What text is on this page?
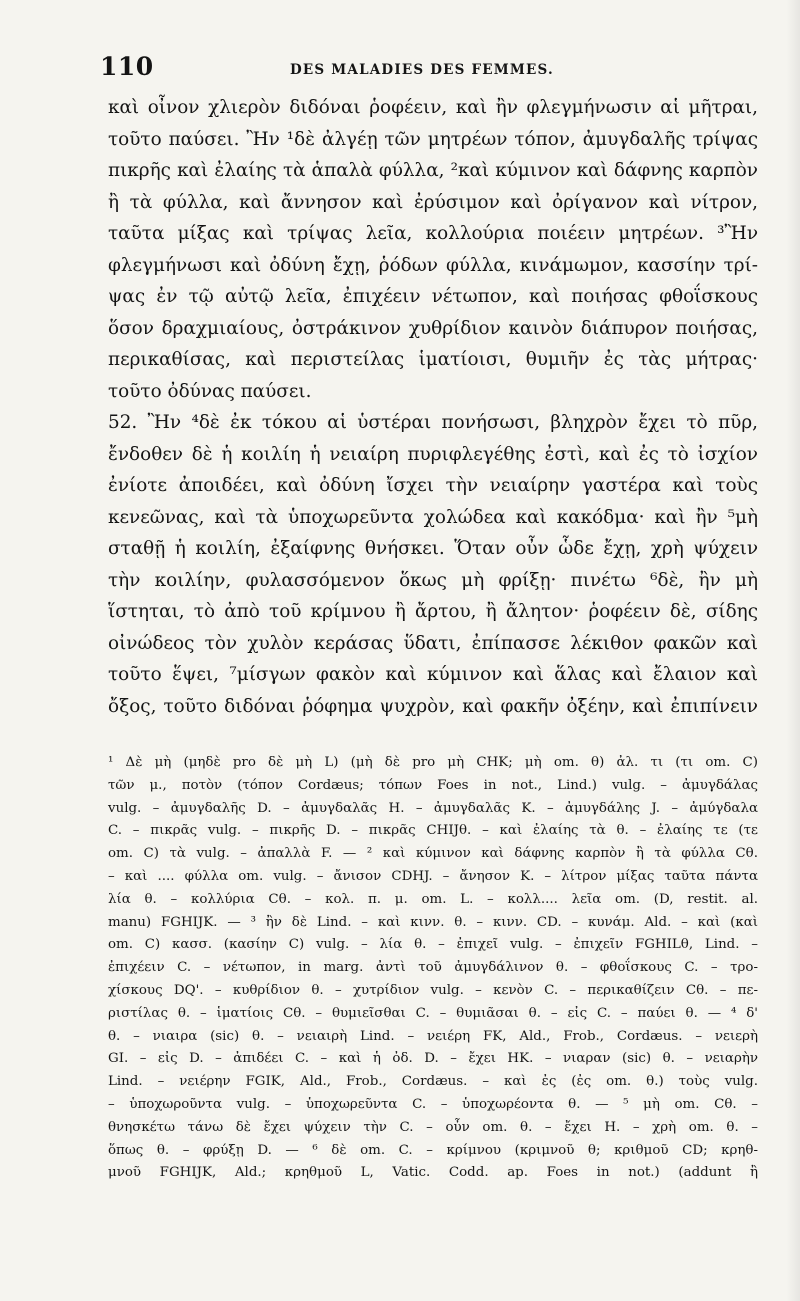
110	DES MALADIES DES FEMMES.
καὶ οἶνον χλιερὸν διδόναι ῥοφέειν, καὶ ἢν φλεγμήνωσιν αἱ μῆτραι,
τοῦτο παύσει. Ἢν ¹δὲ ἀλγέῃ τῶν μητρέων τόπον, ἀμυγδαλῆς τρίψας
πικρῆς καὶ ἐλαίης τὰ ἁπαλὰ φύλλα, ²καὶ κύμινον καὶ δάφνης καρπὸν
ἢ τὰ φύλλα, καὶ ἄννησον καὶ ἐρύσιμον καὶ ὀρίγανον καὶ νίτρον,
ταῦτα μίξας καὶ τρίψας λεῖα, κολλούρια ποιέειν μητρέων. ³Ἢν
φλεγμήνωσι καὶ ὀδύνη ἔχῃ, ῥόδων φύλλα, κινάμωμον, κασσίην τρί-
ψας ἐν τῷ αὐτῷ λεῖα, ἐπιχέειν νέτωπον, καὶ ποιήσας φθοΐσκους
ὅσον δραχμιαίους, ὀστράκινον χυθρίδιον καινὸν διάπυρον ποιήσας,
περικαθίσας, καὶ περιστείλας ἱματίοισι, θυμιῆν ἐς τὰς μήτρας·
τοῦτο ὀδύνας παύσει.
52. Ἢν ⁴δὲ ἐκ τόκου αἱ ὑστέραι πονήσωσι, βληχρὸν ἔχει τὸ πῦρ,
ἔνδοθεν δὲ ἡ κοιλίη ἡ νειαίρη πυριφλεγέθης ἐστὶ, καὶ ἐς τὸ ἰσχίον
ἐνίοτε ἀποιδέει, καὶ ὀδύνη ἴσχει τὴν νειαίρην γαστέρα καὶ τοὺς
κενεῶνας, καὶ τὰ ὑποχωρεῦντα χολώδεα καὶ κακόδμα· καὶ ἢν ⁵μὴ
σταθῇ ἡ κοιλίη, ἐξαίφνης θνήσκει. Ὅταν οὖν ὧδε ἔχῃ, χρὴ ψύχειν
τὴν κοιλίην, φυλασσόμενον ὅκως μὴ φρίξῃ· πινέτω ⁶δὲ, ἢν μὴ
ἵστηται, τὸ ἀπὸ τοῦ κρίμνου ἢ ἄρτου, ἢ ἄλητον· ῥοφέειν δὲ, σίδης
οἰνώδεος τὸν χυλὸν κεράσας ὕδατι, ἐπίπασσε λέκιθον φακῶν καὶ
τοῦτο ἕψει, ⁷μίσγων φακὸν καὶ κύμινον καὶ ἅλας καὶ ἔλαιον καὶ
ὄξος, τοῦτο διδόναι ῥόφημα ψυχρὸν, καὶ φακῆν ὀξέην, καὶ ἐπιπίνειν
¹ Δὲ μὴ (μηδὲ pro δὲ μὴ L) (μὴ δὲ pro μὴ CHK; μὴ om. θ) ἀλ. τι (τι om. C)
τῶν μ., ποτὸν (τόπον Cordæus; τόπων Foes in not., Lind.) vulg. – ἀμυγδάλας
vulg. – ἀμυγδαλῆς D. – ἀμυγδαλᾶς H. – ἀμυγδαλᾶς K. – ἀμυγδάλης J. – ἀμύγδαλα
C. – πικρᾶς vulg. – πικρῆς D. – πικρᾶς CHIJθ. – καὶ ἐλαίης τὰ θ. – ἐλαίης τε (τε
om. C) τὰ vulg. – ἀπαλλὰ F. — ² καὶ κύμινον καὶ δάφνης καρπὸν ἢ τὰ φύλλα Cθ.
– καὶ .... φύλλα om. vulg. – ἄνισον CDHJ. – ἄνησον K. – λίτρον μίξας ταῦτα πάντα
λία θ. – κολλύρια Cθ. – κολ. π. μ. om. L. – κολλ.... λεῖα om. (D, restit. al.
manu) FGHIJK. — ³ ἢν δὲ Lind. – καὶ κινν. θ. – κινν. CD. – κυνάμ. Ald. – καὶ (καὶ
om. C) κασσ. (κασίην C) vulg. – λία θ. – ἐπιχεῖ vulg. – ἐπιχεῖν FGHILθ, Lind. –
ἐπιχέειν C. – νέτωπον, in marg. ἀντὶ τοῦ ἀμυγδάλινον θ. – φθοΐσκους C. – τρο-
χίσκους DQ'. – κυθρίδιον θ. – χυτρίδιον vulg. – κενὸν C. – περικαθίζειν Cθ. – πε-
ριστίλας θ. – ἱματίοις Cθ. – θυμιεῖσθαι C. – θυμιᾶσαι θ. – εἰς C. – παύει θ. — ⁴ δ'
θ. – νιαιρα (sic) θ. – νειαιρὴ Lind. – νειέρη FK, Ald., Frob., Cordæus. – νειερὴ
GI. – εἰς D. – ἀπιδέει C. – καὶ ἡ ὀδ. D. – ἔχει HK. – νιαραν (sic) θ. – νειαρὴν
Lind. – νειέρην FGIK, Ald., Frob., Cordæus. – καὶ ἐς (ἐς om. θ.) τοὺς vulg.
– ὑποχωροῦντα vulg. – ὑποχωρεῦντα C. – ὑποχωρέοντα θ. — ⁵ μὴ om. Cθ. –
θνησκέτω τάνω δὲ ἔχει ψύχειν τὴν C. – οὖν om. θ. – ἔχει H. – χρὴ om. θ. –
ὅπως θ. – φρύξῃ D. — ⁶ δὲ om. C. – κρίμνου (κριμνοῦ θ; κριθμοῦ CD; κρηθ-
μνοῦ FGHIJK, Ald.; κρηθμοῦ L, Vatic. Codd. ap. Foes in not.) (addunt ἢ
